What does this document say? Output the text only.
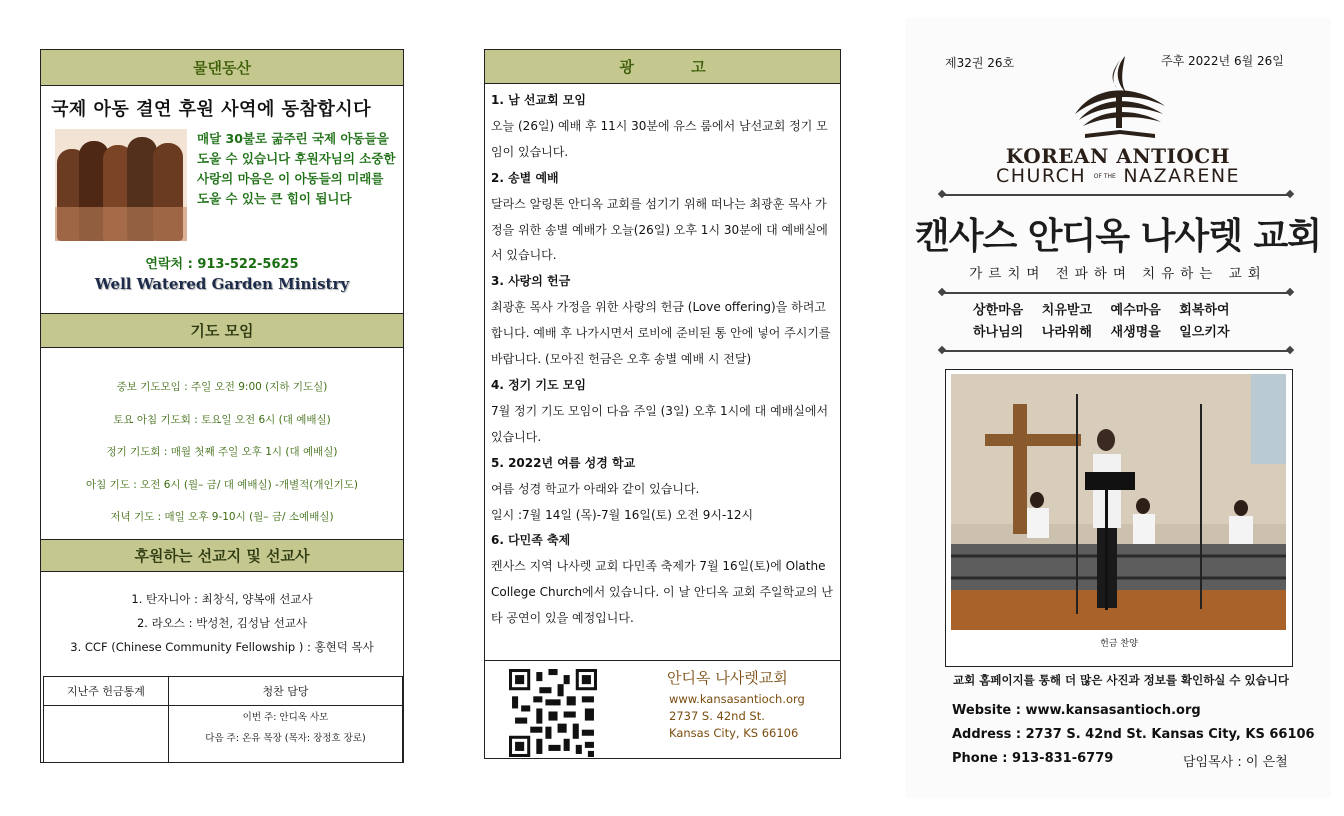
물댄동산
국제 아동 결연 후원 사역에 동참합시다
매달 30불로 굶주린 국제 아동들을 도울 수 있습니다 후원자님의 소중한 사랑의 마음은 이 아동들의 미래를 도울 수 있는 큰 힘이 됩니다
연락처 : 913-522-5625
Well Watered Garden Ministry
기도 모임
중보 기도모임 : 주일 오전 9:00 (지하 기도실)
토요 아침 기도회 : 토요일 오전 6시 (대 예배실)
정기 기도회 : 매월 첫째 주일 오후 1시 (대 예배실)
아침 기도 : 오전 6시 (월– 금/ 대 예배실) -개별적(개인기도)
저녁 기도 : 매일 오후 9-10시 (월– 금/ 소예배실)
후원하는 선교지 및 선교사
1. 탄자니아 : 최창식, 양복애 선교사
2. 라오스 : 박성천, 김성남 선교사
3. CCF (Chinese Community Fellowship ) : 홍현덕 목사
지난주 헌금통계	청찬 담당

	이번 주: 안디옥 사모
다음 주: 온유 목장 (목자: 장정호 장로)
광 고

1. 남 선교회 모임

오늘 (26일) 예배 후 11시 30분에 유스 룸에서 남선교회 정기 모임이 있습니다.

2. 송별 예배

달라스 알링톤 안디옥 교회를 섬기기 위해 떠나는 최광훈 목사 가정을 위한 송별 예배가 오늘(26일) 오후 1시 30분에 대 예배실에서 있습니다.

3. 사랑의 헌금

최광훈 목사 가정을 위한 사랑의 헌금 (Love offering)을 하려고 합니다. 예배 후 나가시면서 로비에 준비된 통 안에 넣어 주시기를 바랍니다. (모아진 헌금은 오후 송별 예배 시 전달)

4. 정기 기도 모임

7월 정기 기도 모임이 다음 주일 (3일) 오후 1시에 대 예배실에서 있습니다.

5. 2022년 여름 성경 학교

여름 성경 학교가 아래와 같이 있습니다.

일시 :7월 14일 (목)-7월 16일(토) 오전 9시-12시

6. 다민족 축제

켄사스 지역 나사렛 교회 다민족 축제가 7월 16일(토)에 Olathe College Church에서 있습니다. 이 날 안디옥 교회 주일학교의 난타 공연이 있을 예정입니다.

안디옥 나사렛교회
www.kansasantioch.org
2737 S. 42nd St.
Kansas City, KS 66106
제32권 26호	주후 2022년 6월 26일
KOREAN ANTIOCH
CHURCH OF THE NAZARENE
캔사스 안디옥 나사렛 교회
가르치며 전파하며 치유하는 교회
상한마음 치유받고 예수마음 회복하여
하나님의 나라위해 새생명을 일으키자
헌금 찬양
교회 홈페이지를 통해 더 많은 사진과 정보를 확인하실 수 있습니다
Website : www.kansasantioch.org
Address : 2737 S. 42nd St. Kansas City, KS 66106
Phone : 913-831-6779	담임목사 : 이 은철
